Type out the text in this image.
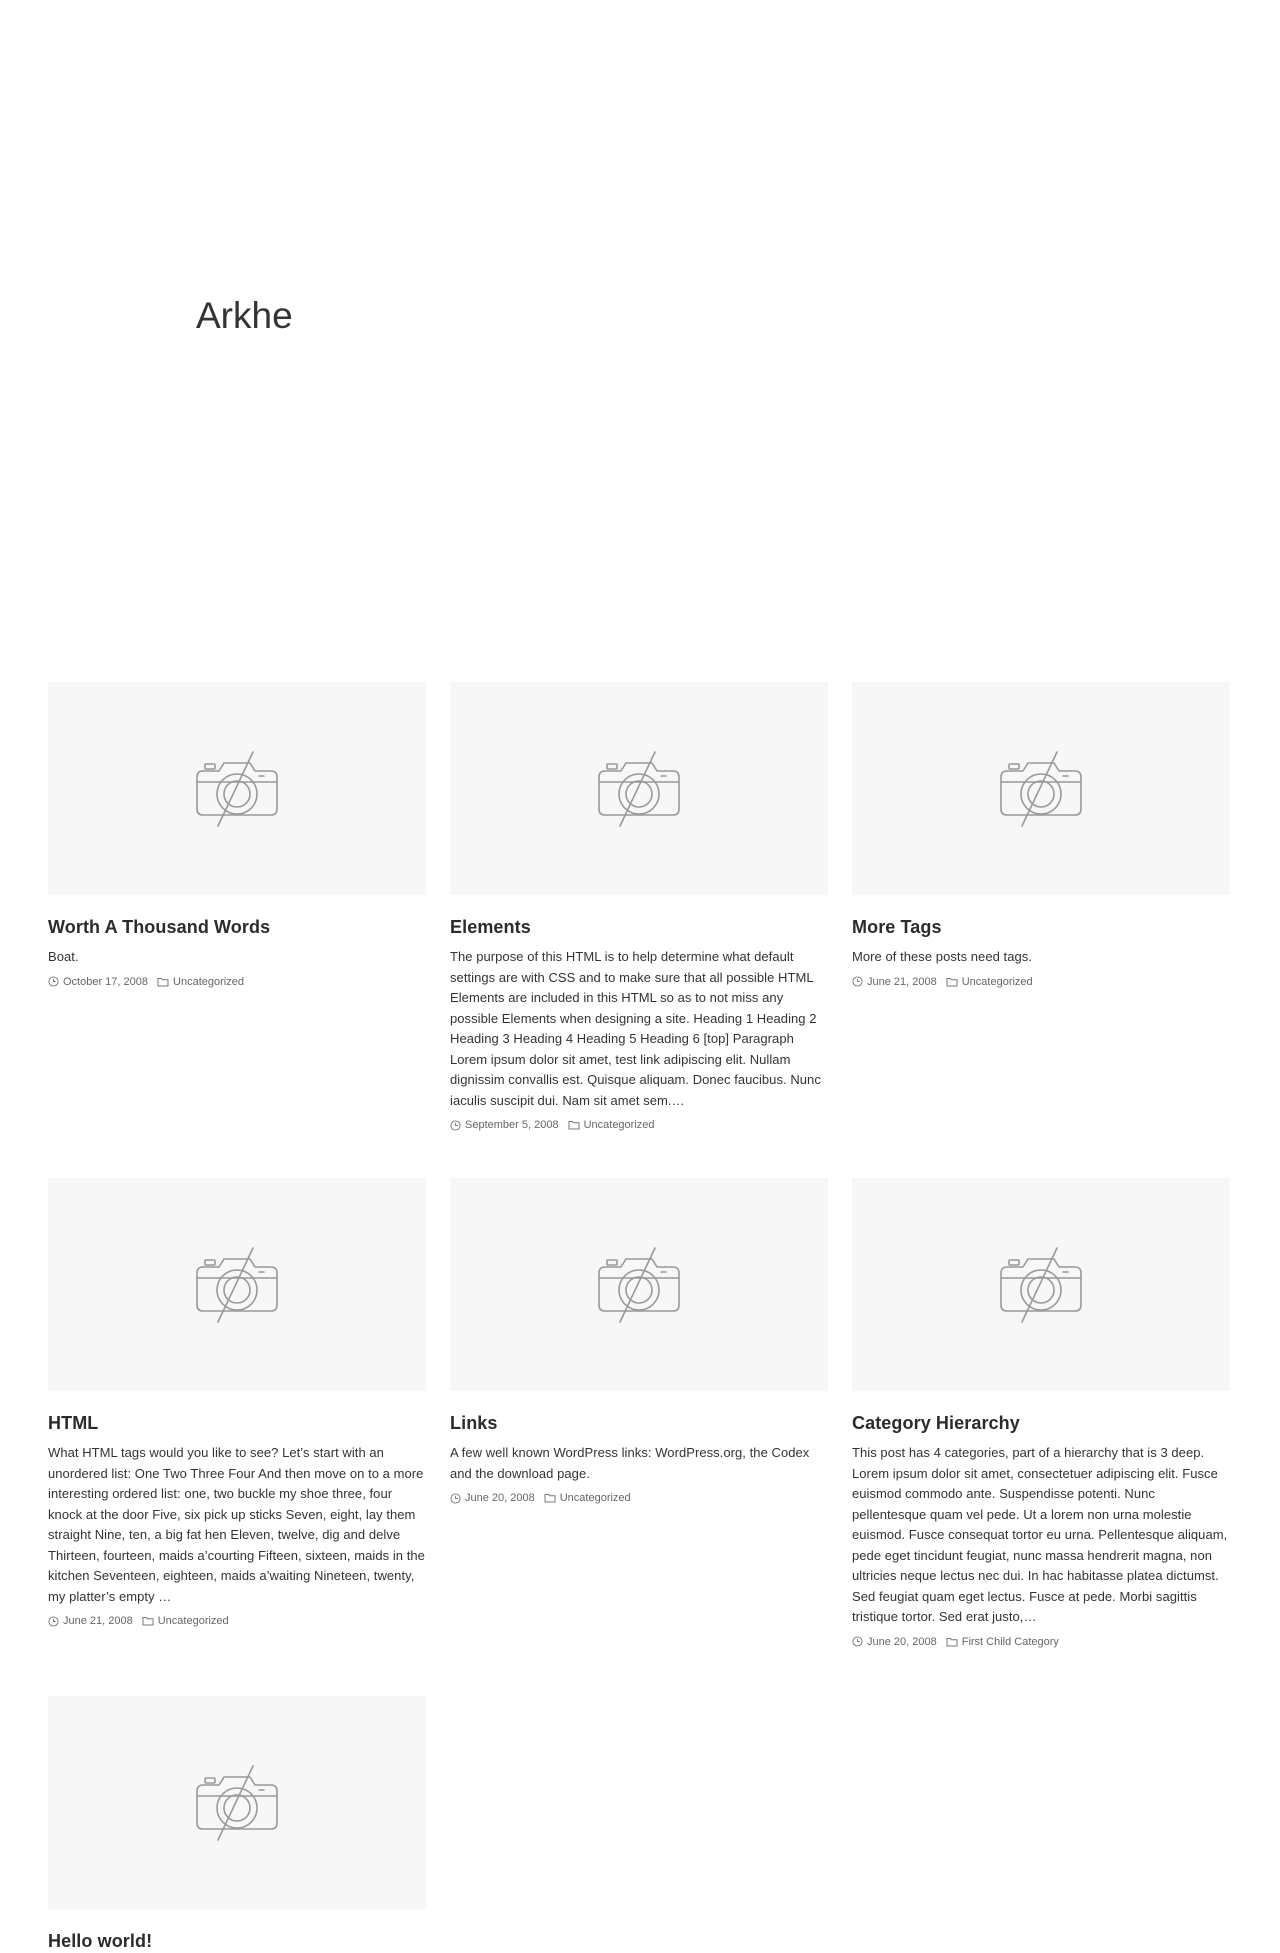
Arkhe
Worth A Thousand Words

Boat.

October 17, 2008 Uncategorized
Elements

The purpose of this HTML is to help determine what default settings are with CSS and to make sure that all possible HTML Elements are included in this HTML so as to not miss any possible Elements when designing a site. Heading 1 Heading 2 Heading 3 Heading 4 Heading 5 Heading 6 [top] Paragraph Lorem ipsum dolor sit amet, test link adipiscing elit. Nullam dignissim convallis est. Quisque aliquam. Donec faucibus. Nunc iaculis suscipit dui. Nam sit amet sem.…

September 5, 2008 Uncategorized
More Tags

More of these posts need tags.

June 21, 2008 Uncategorized
HTML

What HTML tags would you like to see? Let’s start with an unordered list: One Two Three Four And then move on to a more interesting ordered list: one, two buckle my shoe three, four knock at the door Five, six pick up sticks Seven, eight, lay them straight Nine, ten, a big fat hen Eleven, twelve, dig and delve Thirteen, fourteen, maids a’courting Fifteen, sixteen, maids in the kitchen Seventeen, eighteen, maids a’waiting Nineteen, twenty, my platter’s empty …

June 21, 2008 Uncategorized
Links

A few well known WordPress links: WordPress.org, the Codex and the download page.

June 20, 2008 Uncategorized
Category Hierarchy

This post has 4 categories, part of a hierarchy that is 3 deep. Lorem ipsum dolor sit amet, consectetuer adipiscing elit. Fusce euismod commodo ante. Suspendisse potenti. Nunc pellentesque quam vel pede. Ut a lorem non urna molestie euismod. Fusce consequat tortor eu urna. Pellentesque aliquam, pede eget tincidunt feugiat, nunc massa hendrerit magna, non ultricies neque lectus nec dui. In hac habitasse platea dictumst. Sed feugiat quam eget lectus. Fusce at pede. Morbi sagittis tristique tortor. Sed erat justo,…

June 20, 2008 First Child Category
Hello world!
